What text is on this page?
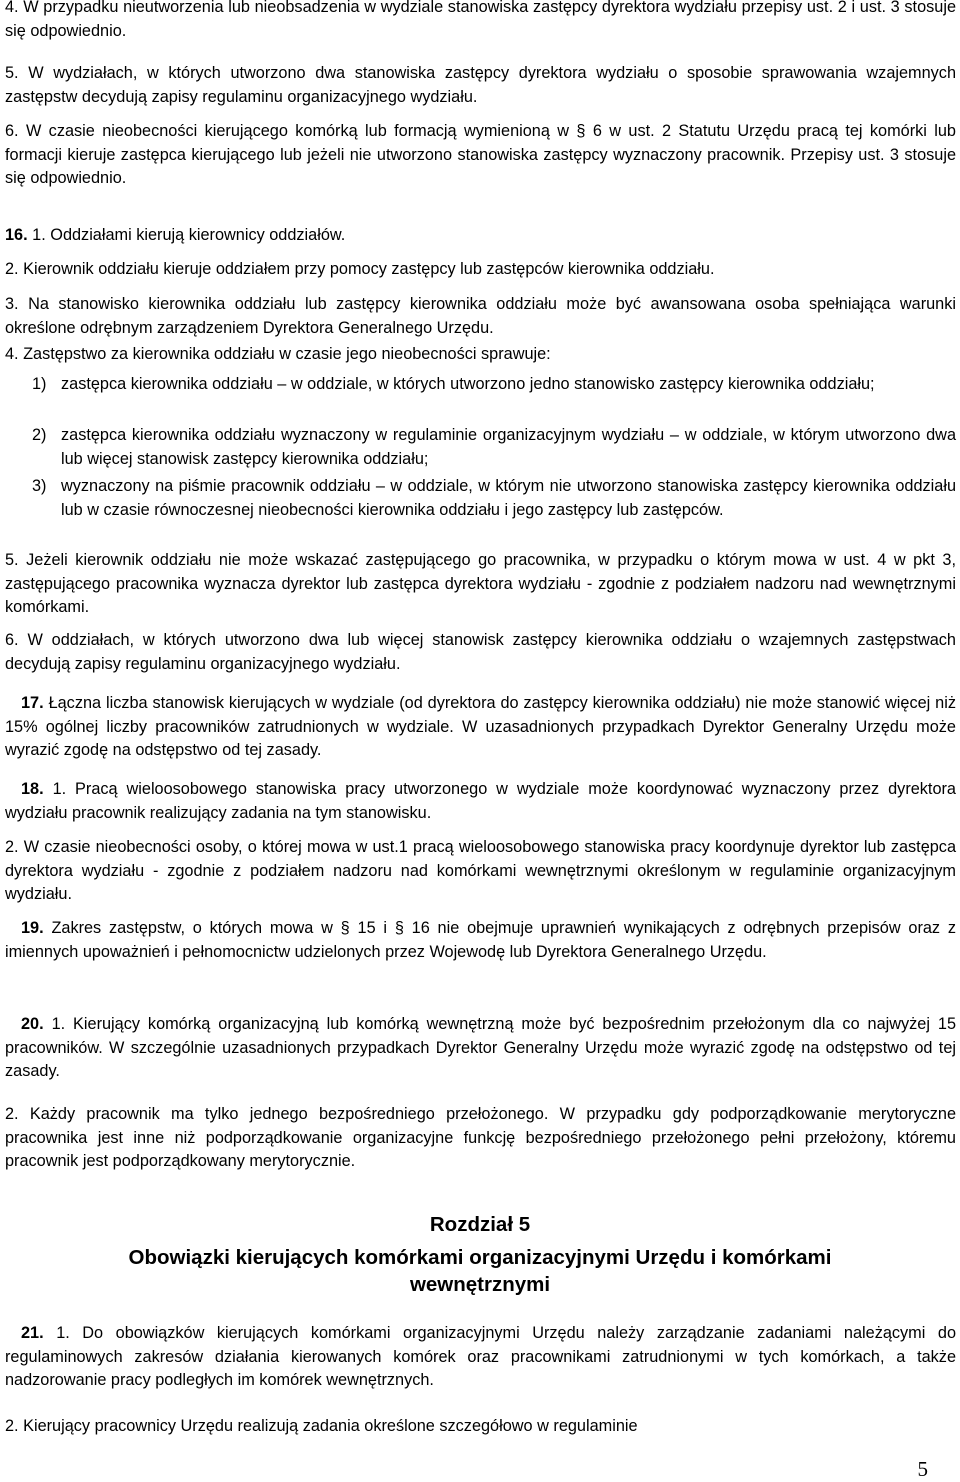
4. W przypadku nieutworzenia lub nieobsadzenia w wydziale stanowiska zastępcy dyrektora wydziału przepisy ust. 2 i ust. 3 stosuje się odpowiednio.

5. W wydziałach, w których utworzono dwa stanowiska zastępcy dyrektora wydziału o sposobie sprawowania wzajemnych zastępstw decydują zapisy regulaminu organizacyjnego wydziału.

6. W czasie nieobecności kierującego komórką lub formacją wymienioną w § 6 w ust. 2 Statutu Urzędu pracą tej komórki lub formacji kieruje zastępca kierującego lub jeżeli nie utworzono stanowiska zastępcy wyznaczony pracownik. Przepisy ust. 3 stosuje się odpowiednio.

16. 1. Oddziałami kierują kierownicy oddziałów.

2. Kierownik oddziału kieruje oddziałem przy pomocy zastępcy lub zastępców kierownika oddziału.

3. Na stanowisko kierownika oddziału lub zastępcy kierownika oddziału może być awansowana osoba spełniająca warunki określone odrębnym zarządzeniem Dyrektora Generalnego Urzędu.

4. Zastępstwo za kierownika oddziału w czasie jego nieobecności sprawuje:

1) zastępca kierownika oddziału – w oddziale, w których utworzono jedno stanowisko zastępcy kierownika oddziału;

2) zastępca kierownika oddziału wyznaczony w regulaminie organizacyjnym wydziału – w oddziale, w którym utworzono dwa lub więcej stanowisk zastępcy kierownika oddziału;

3) wyznaczony na piśmie pracownik oddziału – w oddziale, w którym nie utworzono stanowiska zastępcy kierownika oddziału lub w czasie równoczesnej nieobecności kierownika oddziału i jego zastępcy lub zastępców.

5. Jeżeli kierownik oddziału nie może wskazać zastępującego go pracownika, w przypadku o którym mowa w ust. 4 w pkt 3, zastępującego pracownika wyznacza dyrektor lub zastępca dyrektora wydziału - zgodnie z podziałem nadzoru nad wewnętrznymi komórkami.

6. W oddziałach, w których utworzono dwa lub więcej stanowisk zastępcy kierownika oddziału o wzajemnych zastępstwach decydują zapisy regulaminu organizacyjnego wydziału.

17. Łączna liczba stanowisk kierujących w wydziale (od dyrektora do zastępcy kierownika oddziału) nie może stanowić więcej niż 15% ogólnej liczby pracowników zatrudnionych w wydziale. W uzasadnionych przypadkach Dyrektor Generalny Urzędu może wyrazić zgodę na odstępstwo od tej zasady.

18. 1. Pracą wieloosobowego stanowiska pracy utworzonego w wydziale może koordynować wyznaczony przez dyrektora wydziału pracownik realizujący zadania na tym stanowisku.

2. W czasie nieobecności osoby, o której mowa w ust.1 pracą wieloosobowego stanowiska pracy koordynuje dyrektor lub zastępca dyrektora wydziału - zgodnie z podziałem nadzoru nad komórkami wewnętrznymi określonym w regulaminie organizacyjnym wydziału.

19. Zakres zastępstw, o których mowa w § 15 i § 16 nie obejmuje uprawnień wynikających z odrębnych przepisów oraz z imiennych upoważnień i pełnomocnictw udzielonych przez Wojewodę lub Dyrektora Generalnego Urzędu.

20. 1. Kierujący komórką organizacyjną lub komórką wewnętrzną może być bezpośrednim przełożonym dla co najwyżej 15 pracowników. W szczególnie uzasadnionych przypadkach Dyrektor Generalny Urzędu może wyrazić zgodę na odstępstwo od tej zasady.

2. Każdy pracownik ma tylko jednego bezpośredniego przełożonego. W przypadku gdy podporządkowanie merytoryczne pracownika jest inne niż podporządkowanie organizacyjne funkcję bezpośredniego przełożonego pełni przełożony, któremu pracownik jest podporządkowany merytorycznie.

Rozdział 5

Obowiązki kierujących komórkami organizacyjnymi Urzędu i komórkami wewnętrznymi

21. 1. Do obowiązków kierujących komórkami organizacyjnymi Urzędu należy zarządzanie zadaniami należącymi do regulaminowych zakresów działania kierowanych komórek oraz pracownikami zatrudnionymi w tych komórkach, a także nadzorowanie pracy podległych im komórek wewnętrznych.

2. Kierujący pracownicy Urzędu realizują zadania określone szczegółowo w regulaminie

5
